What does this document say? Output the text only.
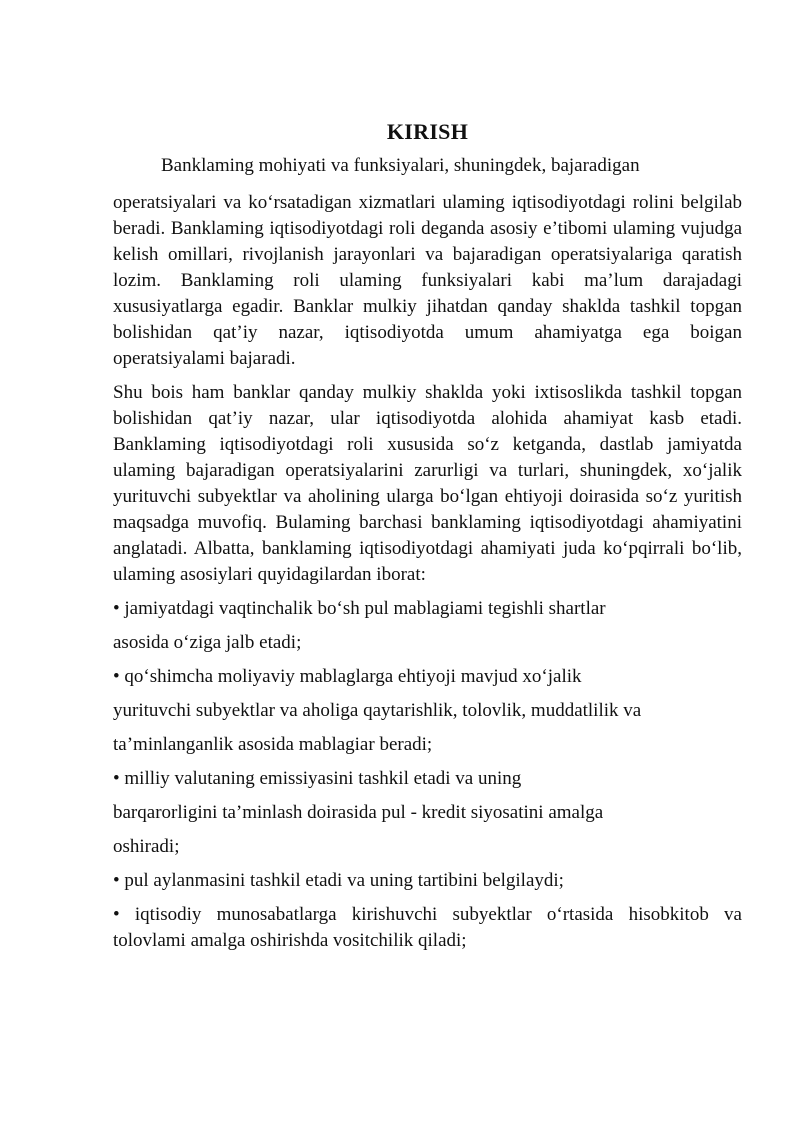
KIRISH

Banklaming mohiyati va funksiyalari, shuningdek, bajaradigan

operatsiyalari va ko‘rsatadigan xizmatlari ulaming iqtisodiyotdagi rolini belgilab beradi. Banklaming iqtisodiyotdagi roli deganda asosiy e’tibomi ulaming vujudga kelish omillari, rivojlanish jarayonlari va bajaradigan operatsiyalariga qaratish lozim. Banklaming roli ulaming funksiyalari kabi ma’lum darajadagi xususiyatlarga egadir. Banklar mulkiy jihatdan qanday shaklda tashkil topgan bolishidan qat’iy nazar, iqtisodiyotda umum ahamiyatga ega boigan operatsiyalami bajaradi.

Shu bois ham banklar qanday mulkiy shaklda yoki ixtisoslikda tashkil topgan bolishidan qat’iy nazar, ular iqtisodiyotda alohida ahamiyat kasb etadi. Banklaming iqtisodiyotdagi roli xususida so‘z ketganda, dastlab jamiyatda ulaming bajaradigan operatsiyalarini zarurligi va turlari, shuningdek, xo‘jalik yurituvchi subyektlar va aholining ularga bo‘lgan ehtiyoji doirasida so‘z yuritish maqsadga muvofiq. Bulaming barchasi banklaming iqtisodiyotdagi ahamiyatini anglatadi. Albatta, banklaming iqtisodiyotdagi ahamiyati juda ko‘pqirrali bo‘lib, ulaming asosiylari quyidagilardan iborat:

• jamiyatdagi vaqtinchalik bo‘sh pul mablagiami tegishli shartlar

asosida o‘ziga jalb etadi;

• qo‘shimcha moliyaviy mablaglarga ehtiyoji mavjud xo‘jalik

yurituvchi subyektlar va aholiga qaytarishlik, tolovlik, muddatlilik va

ta’minlanganlik asosida mablagiar beradi;

• milliy valutaning emissiyasini tashkil etadi va uning

barqarorligini ta’minlash doirasida pul - kredit siyosatini amalga

oshiradi;

• pul aylanmasini tashkil etadi va uning tartibini belgilaydi;

• iqtisodiy munosabatlarga kirishuvchi subyektlar o‘rtasida hisobkitob va tolovlami amalga oshirishda vositchilik qiladi;
